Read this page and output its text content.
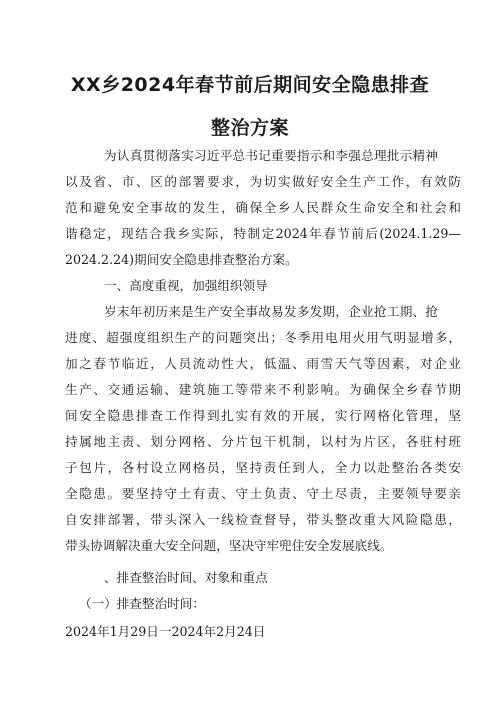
XX乡2024年春节前后期间安全隐患排查
整治方案
为认真贯彻落实习近平总书记重要指示和李强总理批示精神
以及省、市、区的部署要求，为切实做好安全生产工作，有效防
范和避免安全事故的发生，确保全乡人民群众生命安全和社会和
谐稳定，现结合我乡实际，特制定2024年春节前后(2024.1.29—
2024.2.24)期间安全隐患排查整治方案。
一、高度重视，加强组织领导
岁末年初历来是生产安全事故易发多发期，企业抢工期、抢
进度、超强度组织生产的问题突出；冬季用电用火用气明显增多，
加之春节临近，人员流动性大，低温、雨雪天气等因素，对企业
生产、交通运输、建筑施工等带来不利影响。为确保全乡春节期
间安全隐患排查工作得到扎实有效的开展，实行网格化管理，坚
持属地主责、划分网格、分片包干机制，以村为片区，各驻村班
子包片，各村设立网格员，坚持责任到人，全力以赴整治各类安
全隐患。要坚持守土有责、守土负责、守土尽责，主要领导要亲
自安排部署，带头深入一线检查督导，带头整改重大风险隐患，
带头协调解决重大安全问题，坚决守牢兜住安全发展底线。
、排查整治时间、对象和重点
（一）排查整治时间：
2024年1月29日一2024年2月24日
